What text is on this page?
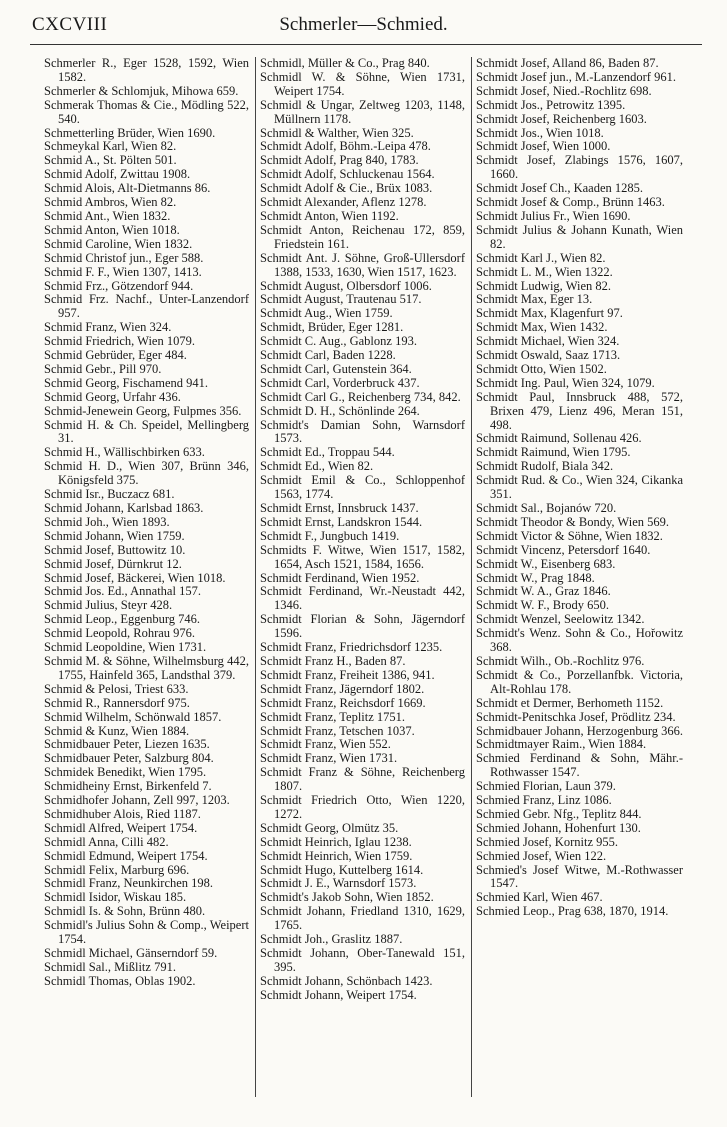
CXCVIII	Schmerler—Schmied.
Schmerler R., Eger 1528, 1592, Wien 1582.
Schmerler & Schlomjuk, Mihowa 659.
Schmerak Thomas & Cie., Mödling 522, 540.
Schmetterling Brüder, Wien 1690.
Schmeykal Karl, Wien 82.
Schmid A., St. Pölten 501.
Schmid Adolf, Zwittau 1908.
Schmid Alois, Alt-Dietmanns 86.
Schmid Ambros, Wien 82.
Schmid Ant., Wien 1832.
Schmid Anton, Wien 1018.
Schmid Caroline, Wien 1832.
Schmid Christof jun., Eger 588.
Schmid F. F., Wien 1307, 1413.
Schmid Frz., Götzendorf 944.
Schmid Frz. Nachf., Unter-Lanzendorf 957.
Schmid Franz, Wien 324.
Schmid Friedrich, Wien 1079.
Schmid Gebrüder, Eger 484.
Schmid Gebr., Pill 970.
Schmid Georg, Fischamend 941.
Schmid Georg, Urfahr 436.
Schmid-Jenewein Georg, Fulpmes 356.
Schmid H. & Ch. Speidel, Mellingberg 31.
Schmid H., Wällischbirken 633.
Schmid H. D., Wien 307, Brünn 346, Königsfeld 375.
Schmid Isr., Buczacz 681.
Schmid Johann, Karlsbad 1863.
Schmid Joh., Wien 1893.
Schmid Johann, Wien 1759.
Schmid Josef, Buttowitz 10.
Schmid Josef, Dürnkrut 12.
Schmid Josef, Bäckerei, Wien 1018.
Schmid Jos. Ed., Annathal 157.
Schmid Julius, Steyr 428.
Schmid Leop., Eggenburg 746.
Schmid Leopold, Rohrau 976.
Schmid Leopoldine, Wien 1731.
Schmid M. & Söhne, Wilhelmsburg 442, 1755, Hainfeld 365, Landsthal 379.
Schmid & Pelosi, Triest 633.
Schmid R., Rannersdorf 975.
Schmid Wilhelm, Schönwald 1857.
Schmid & Kunz, Wien 1884.
Schmidbauer Peter, Liezen 1635.
Schmidbauer Peter, Salzburg 804.
Schmidek Benedikt, Wien 1795.
Schmidheiny Ernst, Birkenfeld 7.
Schmidhofer Johann, Zell 997, 1203.
Schmidhuber Alois, Ried 1187.
Schmidl Alfred, Weipert 1754.
Schmidl Anna, Cilli 482.
Schmidl Edmund, Weipert 1754.
Schmidl Felix, Marburg 696.
Schmidl Franz, Neunkirchen 198.
Schmidl Isidor, Wiskau 185.
Schmidl Is. & Sohn, Brünn 480.
Schmidl's Julius Sohn & Comp., Weipert 1754.
Schmidl Michael, Gänserndorf 59.
Schmidl Sal., Mißlitz 791.
Schmidl Thomas, Oblas 1902.
Schmidl, Müller & Co., Prag 840.
Schmidl W. & Söhne, Wien 1731, Weipert 1754.
Schmidl & Ungar, Zeltweg 1203, 1148, Müllnern 1178.
Schmidl & Walther, Wien 325.
Schmidt Adolf, Böhm.-Leipa 478.
Schmidt Adolf, Prag 840, 1783.
Schmidt Adolf, Schluckenau 1564.
Schmidt Adolf & Cie., Brüx 1083.
Schmidt Alexander, Aflenz 1278.
Schmidt Anton, Wien 1192.
Schmidt Anton, Reichenau 172, 859, Friedstein 161.
Schmidt Ant. J. Söhne, Groß-Ullersdorf 1388, 1533, 1630, Wien 1517, 1623.
Schmidt August, Olbersdorf 1006.
Schmidt August, Trautenau 517.
Schmidt Aug., Wien 1759.
Schmidt, Brüder, Eger 1281.
Schmidt C. Aug., Gablonz 193.
Schmidt Carl, Baden 1228.
Schmidt Carl, Gutenstein 364.
Schmidt Carl, Vorderbruck 437.
Schmidt Carl G., Reichenberg 734, 842.
Schmidt D. H., Schönlinde 264.
Schmidt's Damian Sohn, Warnsdorf 1573.
Schmidt Ed., Troppau 544.
Schmidt Ed., Wien 82.
Schmidt Emil & Co., Schloppenhof 1563, 1774.
Schmidt Ernst, Innsbruck 1437.
Schmidt Ernst, Landskron 1544.
Schmidt F., Jungbuch 1419.
Schmidts F. Witwe, Wien 1517, 1582, 1654, Asch 1521, 1584, 1656.
Schmidt Ferdinand, Wien 1952.
Schmidt Ferdinand, Wr.-Neustadt 442, 1346.
Schmidt Florian & Sohn, Jägerndorf 1596.
Schmidt Franz, Friedrichsdorf 1235.
Schmidt Franz H., Baden 87.
Schmidt Franz, Freiheit 1386, 941.
Schmidt Franz, Jägerndorf 1802.
Schmidt Franz, Reichsdorf 1669.
Schmidt Franz, Teplitz 1751.
Schmidt Franz, Tetschen 1037.
Schmidt Franz, Wien 552.
Schmidt Franz, Wien 1731.
Schmidt Franz & Söhne, Reichenberg 1807.
Schmidt Friedrich Otto, Wien 1220, 1272.
Schmidt Georg, Olmütz 35.
Schmidt Heinrich, Iglau 1238.
Schmidt Heinrich, Wien 1759.
Schmidt Hugo, Kuttelberg 1614.
Schmidt J. E., Warnsdorf 1573.
Schmidt's Jakob Sohn, Wien 1852.
Schmidt Johann, Friedland 1310, 1629, 1765.
Schmidt Joh., Graslitz 1887.
Schmidt Johann, Ober-Tanewald 151, 395.
Schmidt Johann, Schönbach 1423.
Schmidt Johann, Weipert 1754.
Schmidt Josef, Alland 86, Baden 87.
Schmidt Josef jun., M.-Lanzendorf 961.
Schmidt Josef, Nied.-Rochlitz 698.
Schmidt Jos., Petrowitz 1395.
Schmidt Josef, Reichenberg 1603.
Schmidt Jos., Wien 1018.
Schmidt Josef, Wien 1000.
Schmidt Josef, Zlabings 1576, 1607, 1660.
Schmidt Josef Ch., Kaaden 1285.
Schmidt Josef & Comp., Brünn 1463.
Schmidt Julius Fr., Wien 1690.
Schmidt Julius & Johann Kunath, Wien 82.
Schmidt Karl J., Wien 82.
Schmidt L. M., Wien 1322.
Schmidt Ludwig, Wien 82.
Schmidt Max, Eger 13.
Schmidt Max, Klagenfurt 97.
Schmidt Max, Wien 1432.
Schmidt Michael, Wien 324.
Schmidt Oswald, Saaz 1713.
Schmidt Otto, Wien 1502.
Schmidt Ing. Paul, Wien 324, 1079.
Schmidt Paul, Innsbruck 488, 572, Brixen 479, Lienz 496, Meran 151, 498.
Schmidt Raimund, Sollenau 426.
Schmidt Raimund, Wien 1795.
Schmidt Rudolf, Biala 342.
Schmidt Rud. & Co., Wien 324, Cikanka 351.
Schmidt Sal., Bojanów 720.
Schmidt Theodor & Bondy, Wien 569.
Schmidt Victor & Söhne, Wien 1832.
Schmidt Vincenz, Petersdorf 1640.
Schmidt W., Eisenberg 683.
Schmidt W., Prag 1848.
Schmidt W. A., Graz 1846.
Schmidt W. F., Brody 650.
Schmidt Wenzel, Seelowitz 1342.
Schmidt's Wenz. Sohn & Co., Hořowitz 368.
Schmidt Wilh., Ob.-Rochlitz 976.
Schmidt & Co., Porzellanfbk. Victoria, Alt-Rohlau 178.
Schmidt et Dermer, Berhometh 1152.
Schmidt-Penitschka Josef, Prödlitz 234.
Schmidbauer Johann, Herzogenburg 366.
Schmidtmayer Raim., Wien 1884.
Schmied Ferdinand & Sohn, Mähr.-Rothwasser 1547.
Schmied Florian, Laun 379.
Schmied Franz, Linz 1086.
Schmied Gebr. Nfg., Teplitz 844.
Schmied Johann, Hohenfurt 130.
Schmied Josef, Kornitz 955.
Schmied Josef, Wien 122.
Schmied's Josef Witwe, M.-Rothwasser 1547.
Schmied Karl, Wien 467.
Schmied Leop., Prag 638, 1870, 1914.
